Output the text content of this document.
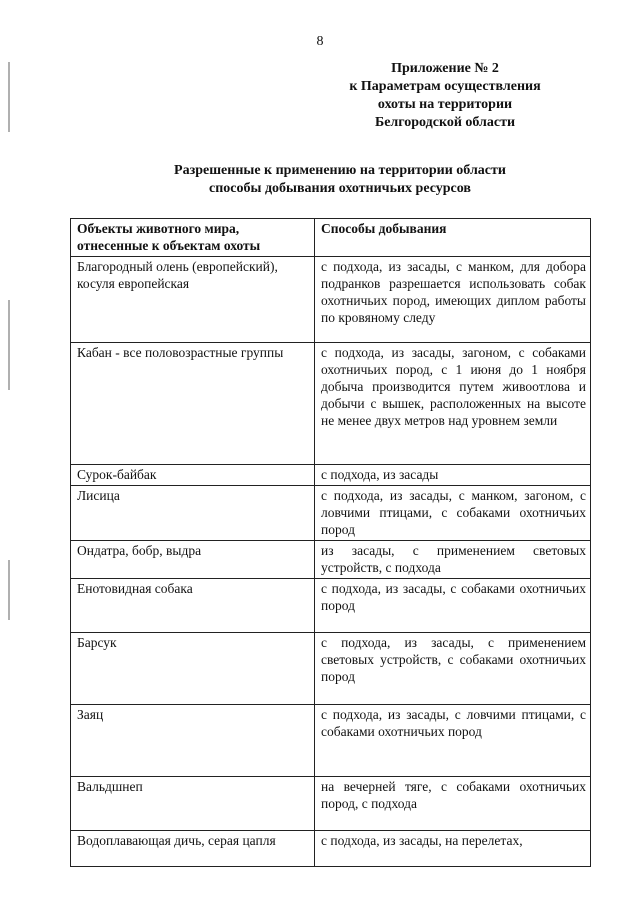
8
Приложение № 2
к Параметрам осуществления
охоты на территории
Белгородской области
Разрешенные к применению на территории области
способы добывания охотничьих ресурсов
Объекты животного мира, отнесенные к объектам охоты	Способы добывания
Благородный олень (европейский), косуля европейская	с подхода, из засады, с манком, для добора подранков разрешается использовать собак охотничьих пород, имеющих диплом работы по кровяному следу
Кабан - все половозрастные группы	с подхода, из засады, загоном, с собаками охотничьих пород, с 1 июня до 1 ноября добыча производится путем живоотлова и добычи с вышек, расположенных на высоте не менее двух метров над уровнем земли
Сурок-байбак	с подхода, из засады
Лисица	с подхода, из засады, с манком, загоном, с ловчими птицами, с собаками охотничьих пород
Ондатра, бобр, выдра	из засады, с применением световых устройств, с подхода
Енотовидная собака	с подхода, из засады, с собаками охотничьих пород
Барсук	с подхода, из засады, с применением световых устройств, с собаками охотничьих пород
Заяц	с подхода, из засады, с ловчими птицами, с собаками охотничьих пород
Вальдшнеп	на вечерней тяге, с собаками охотничьих пород, с подхода
Водоплавающая дичь, серая цапля	с подхода, из засады, на перелетах,
